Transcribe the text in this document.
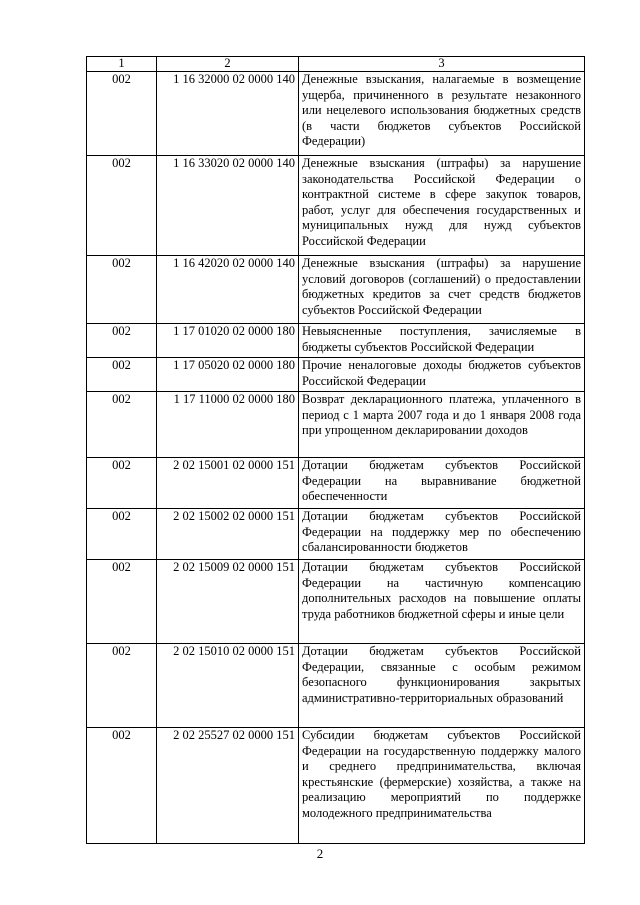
1	2	3
002	1 16 32000 02 0000 140	Денежные взыскания, налагаемые в возмещение ущерба, причиненного в результате незаконного или нецелевого использования бюджетных средств (в части бюджетов субъектов Российской Федерации)
002	1 16 33020 02 0000 140	Денежные взыскания (штрафы) за нарушение законодательства Российской Федерации о контрактной системе в сфере закупок товаров, работ, услуг для обеспечения государственных и муниципальных нужд для нужд субъектов Российской Федерации
002	1 16 42020 02 0000 140	Денежные взыскания (штрафы) за нарушение условий договоров (соглашений) о предоставлении бюджетных кредитов за счет средств бюджетов субъектов Российской Федерации
002	1 17 01020 02 0000 180	Невыясненные поступления, зачисляемые в бюджеты субъектов Российской Федерации
002	1 17 05020 02 0000 180	Прочие неналоговые доходы бюджетов субъектов Российской Федерации
002	1 17 11000 02 0000 180	Возврат декларационного платежа, уплаченного в период с 1 марта 2007 года и до 1 января 2008 года при упрощенном декларировании доходов
002	2 02 15001 02 0000 151	Дотации бюджетам субъектов Российской Федерации на выравнивание бюджетной обеспеченности
002	2 02 15002 02 0000 151	Дотации бюджетам субъектов Российской Федерации на поддержку мер по обеспечению сбалансированности бюджетов
002	2 02 15009 02 0000 151	Дотации бюджетам субъектов Российской Федерации на частичную компенсацию дополнительных расходов на повышение оплаты труда работников бюджетной сферы и иные цели
002	2 02 15010 02 0000 151	Дотации бюджетам субъектов Российской Федерации, связанные с особым режимом безопасного функционирования закрытых административно-территориальных образований
002	2 02 25527 02 0000 151	Субсидии бюджетам субъектов Российской Федерации на государственную поддержку малого и среднего предпринимательства, включая крестьянские (фермерские) хозяйства, а также на реализацию мероприятий по поддержке молодежного предпринимательства
2
